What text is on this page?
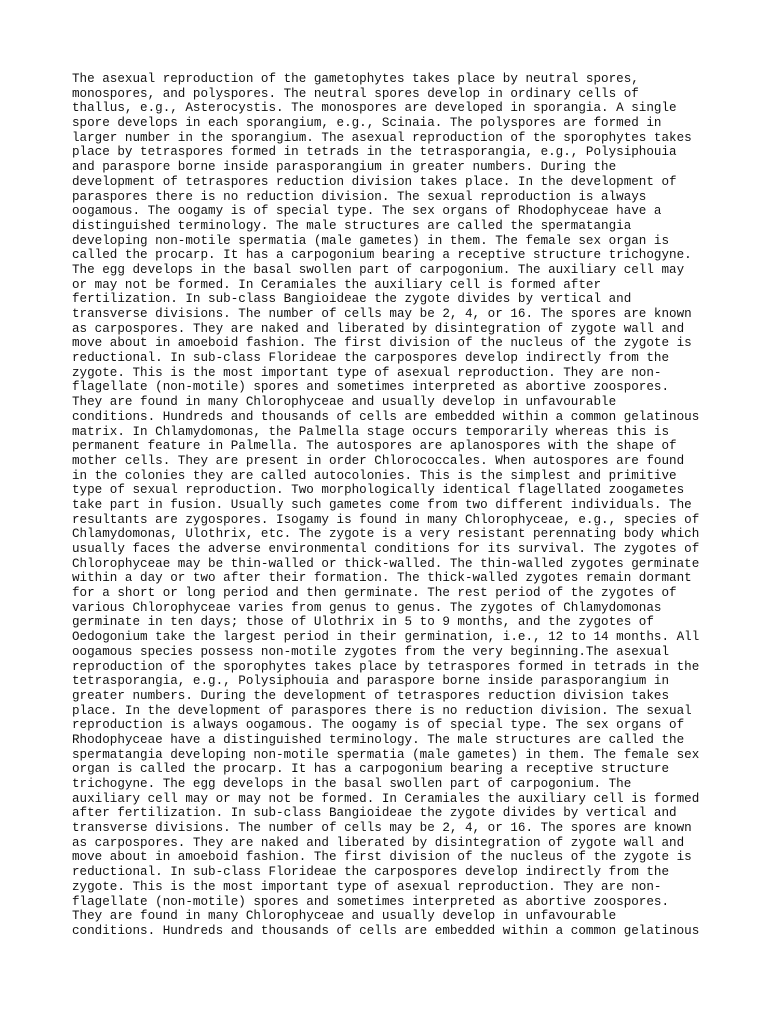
The asexual reproduction of the gametophytes takes place by neutral spores,
monospores, and polyspores. The neutral spores develop in ordinary cells of
thallus, e.g., Asterocystis. The monospores are developed in sporangia. A single
spore develops in each sporangium, e.g., Scinaia. The polyspores are formed in
larger number in the sporangium. The asexual reproduction of the sporophytes takes
place by tetraspores formed in tetrads in the tetrasporangia, e.g., Polysiphouia
and paraspore borne inside parasporangium in greater numbers. During the
development of tetraspores reduction division takes place. In the development of
paraspores there is no reduction division. The sexual reproduction is always
oogamous. The oogamy is of special type. The sex organs of Rhodophyceae have a
distinguished terminology. The male structures are called the spermatangia
developing non-motile spermatia (male gametes) in them. The female sex organ is
called the procarp. It has a carpogonium bearing a receptive structure trichogyne.
The egg develops in the basal swollen part of carpogonium. The auxiliary cell may
or may not be formed. In Ceramiales the auxiliary cell is formed after
fertilization. In sub-class Bangioideae the zygote divides by vertical and
transverse divisions. The number of cells may be 2, 4, or 16. The spores are known
as carpospores. They are naked and liberated by disintegration of zygote wall and
move about in amoeboid fashion. The first division of the nucleus of the zygote is
reductional. In sub-class Florideae the carpospores develop indirectly from the
zygote. This is the most important type of asexual reproduction. They are non-
flagellate (non-motile) spores and sometimes interpreted as abortive zoospores.
They are found in many Chlorophyceae and usually develop in unfavourable
conditions. Hundreds and thousands of cells are embedded within a common gelatinous
matrix. In Chlamydomonas, the Palmella stage occurs temporarily whereas this is
permanent feature in Palmella. The autospores are aplanospores with the shape of
mother cells. They are present in order Chlorococcales. When autospores are found
in the colonies they are called autocolonies. This is the simplest and primitive
type of sexual reproduction. Two morphologically identical flagellated zoogametes
take part in fusion. Usually such gametes come from two different individuals. The
resultants are zygospores. Isogamy is found in many Chlorophyceae, e.g., species of
Chlamydomonas, Ulothrix, etc. The zygote is a very resistant perennating body which
usually faces the adverse environmental conditions for its survival. The zygotes of
Chlorophyceae may be thin-walled or thick-walled. The thin-walled zygotes germinate
within a day or two after their formation. The thick-walled zygotes remain dormant
for a short or long period and then germinate. The rest period of the zygotes of
various Chlorophyceae varies from genus to genus. The zygotes of Chlamydomonas
germinate in ten days; those of Ulothrix in 5 to 9 months, and the zygotes of
Oedogonium take the largest period in their germination, i.e., 12 to 14 months. All
oogamous species possess non-motile zygotes from the very beginning.The asexual
reproduction of the sporophytes takes place by tetraspores formed in tetrads in the
tetrasporangia, e.g., Polysiphouia and paraspore borne inside parasporangium in
greater numbers. During the development of tetraspores reduction division takes
place. In the development of paraspores there is no reduction division. The sexual
reproduction is always oogamous. The oogamy is of special type. The sex organs of
Rhodophyceae have a distinguished terminology. The male structures are called the
spermatangia developing non-motile spermatia (male gametes) in them. The female sex
organ is called the procarp. It has a carpogonium bearing a receptive structure
trichogyne. The egg develops in the basal swollen part of carpogonium. The
auxiliary cell may or may not be formed. In Ceramiales the auxiliary cell is formed
after fertilization. In sub-class Bangioideae the zygote divides by vertical and
transverse divisions. The number of cells may be 2, 4, or 16. The spores are known
as carpospores. They are naked and liberated by disintegration of zygote wall and
move about in amoeboid fashion. The first division of the nucleus of the zygote is
reductional. In sub-class Florideae the carpospores develop indirectly from the
zygote. This is the most important type of asexual reproduction. They are non-
flagellate (non-motile) spores and sometimes interpreted as abortive zoospores.
They are found in many Chlorophyceae and usually develop in unfavourable
conditions. Hundreds and thousands of cells are embedded within a common gelatinous
